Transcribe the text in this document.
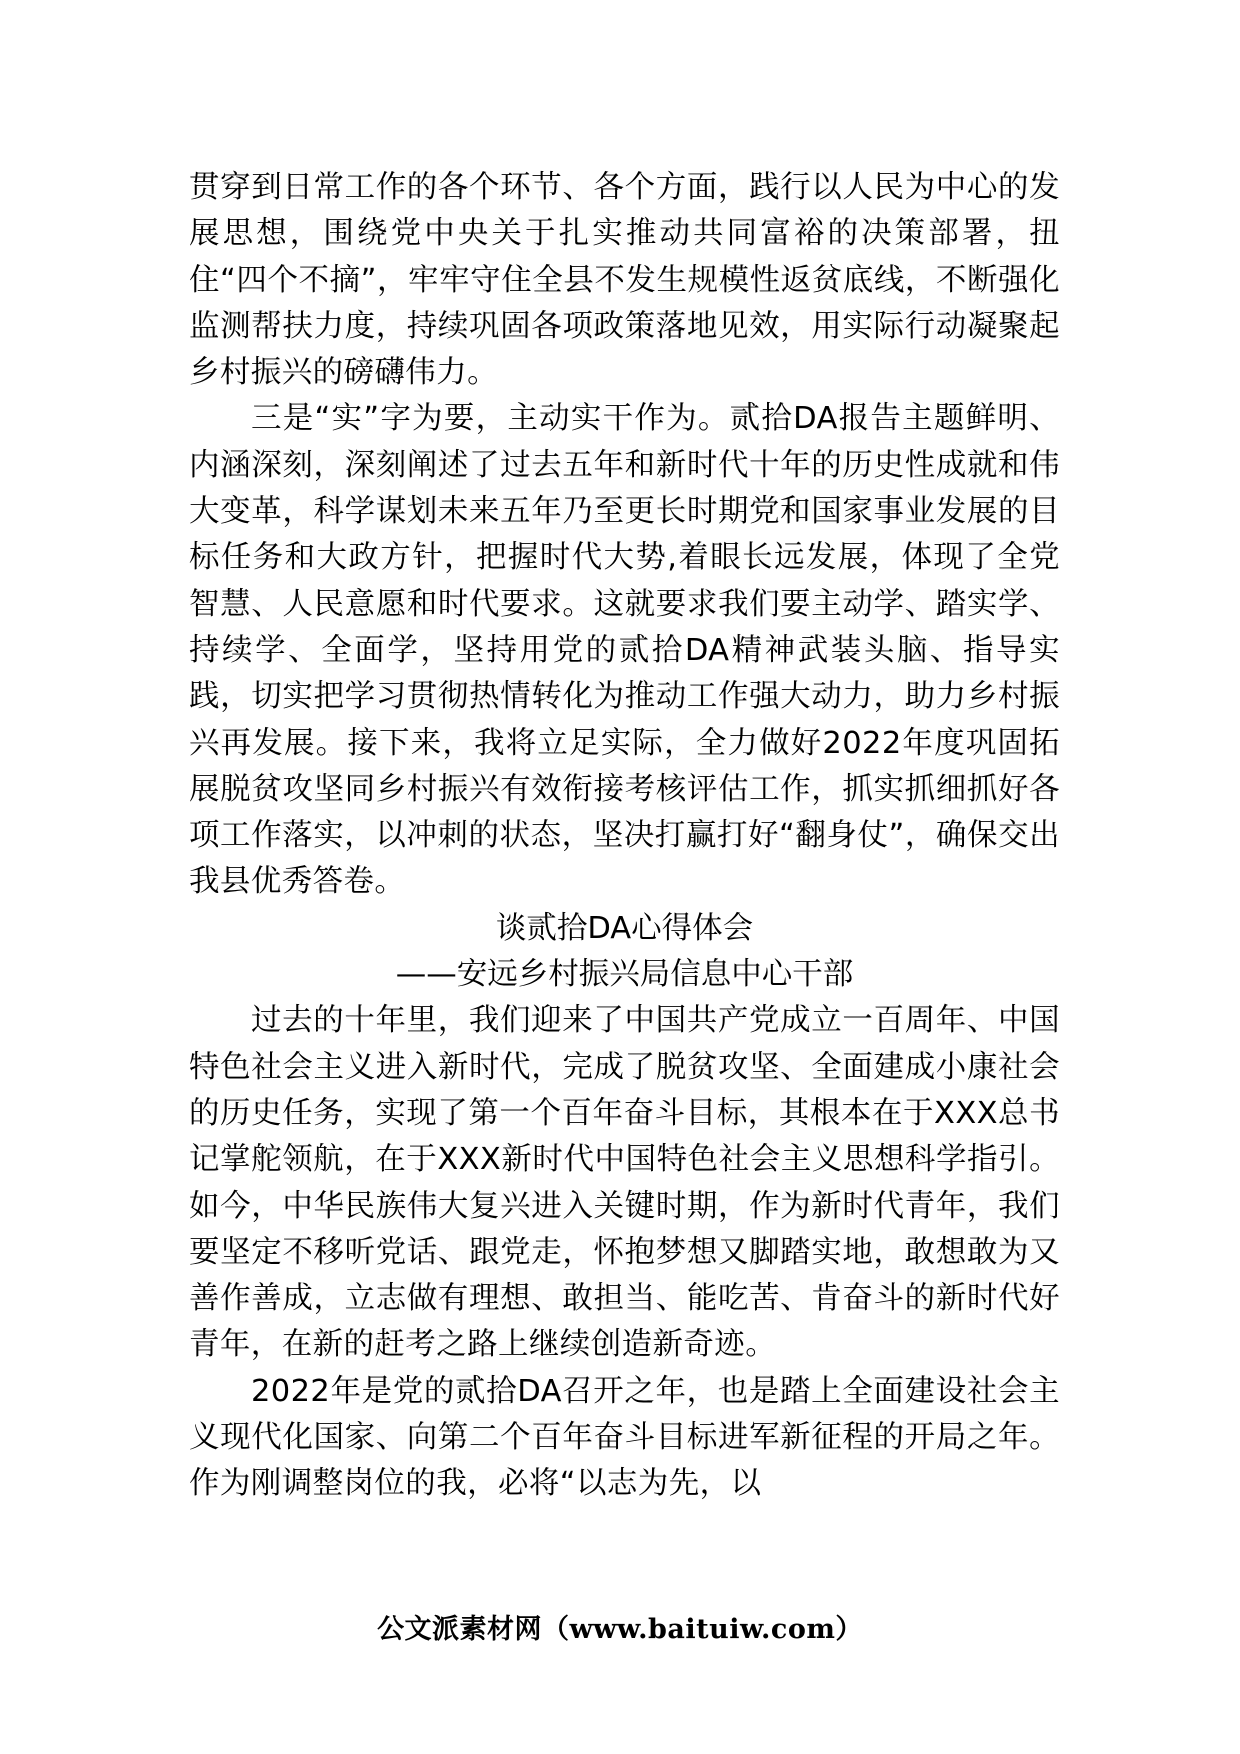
贯穿到日常工作的各个环节、各个方面，践行以人民为中心的发展思想，围绕党中央关于扎实推动共同富裕的决策部署，扭住“四个不摘”，牢牢守住全县不发生规模性返贫底线，不断强化监测帮扶力度，持续巩固各项政策落地见效，用实际行动凝聚起乡村振兴的磅礴伟力。

三是“实”字为要，主动实干作为。贰拾DA报告主题鲜明、内涵深刻，深刻阐述了过去五年和新时代十年的历史性成就和伟大变革，科学谋划未来五年乃至更长时期党和国家事业发展的目标任务和大政方针，把握时代大势,着眼长远发展，体现了全党智慧、人民意愿和时代要求。这就要求我们要主动学、踏实学、持续学、全面学，坚持用党的贰拾DA精神武装头脑、指导实践，切实把学习贯彻热情转化为推动工作强大动力，助力乡村振兴再发展。接下来，我将立足实际，全力做好2022年度巩固拓展脱贫攻坚同乡村振兴有效衔接考核评估工作，抓实抓细抓好各项工作落实，以冲刺的状态，坚决打赢打好“翻身仗”，确保交出我县优秀答卷。

谈贰拾DA心得体会

——安远乡村振兴局信息中心干部

过去的十年里，我们迎来了中国共产党成立一百周年、中国特色社会主义进入新时代，完成了脱贫攻坚、全面建成小康社会的历史任务，实现了第一个百年奋斗目标，其根本在于XXX总书记掌舵领航，在于XXX新时代中国特色社会主义思想科学指引。如今，中华民族伟大复兴进入关键时期，作为新时代青年，我们要坚定不移听党话、跟党走，怀抱梦想又脚踏实地，敢想敢为又善作善成，立志做有理想、敢担当、能吃苦、肯奋斗的新时代好青年，在新的赶考之路上继续创造新奇迹。

2022年是党的贰拾DA召开之年，也是踏上全面建设社会主义现代化国家、向第二个百年奋斗目标进军新征程的开局之年。作为刚调整岗位的我，必将“以志为先，以

公文派素材网（www.baituiw.com）
